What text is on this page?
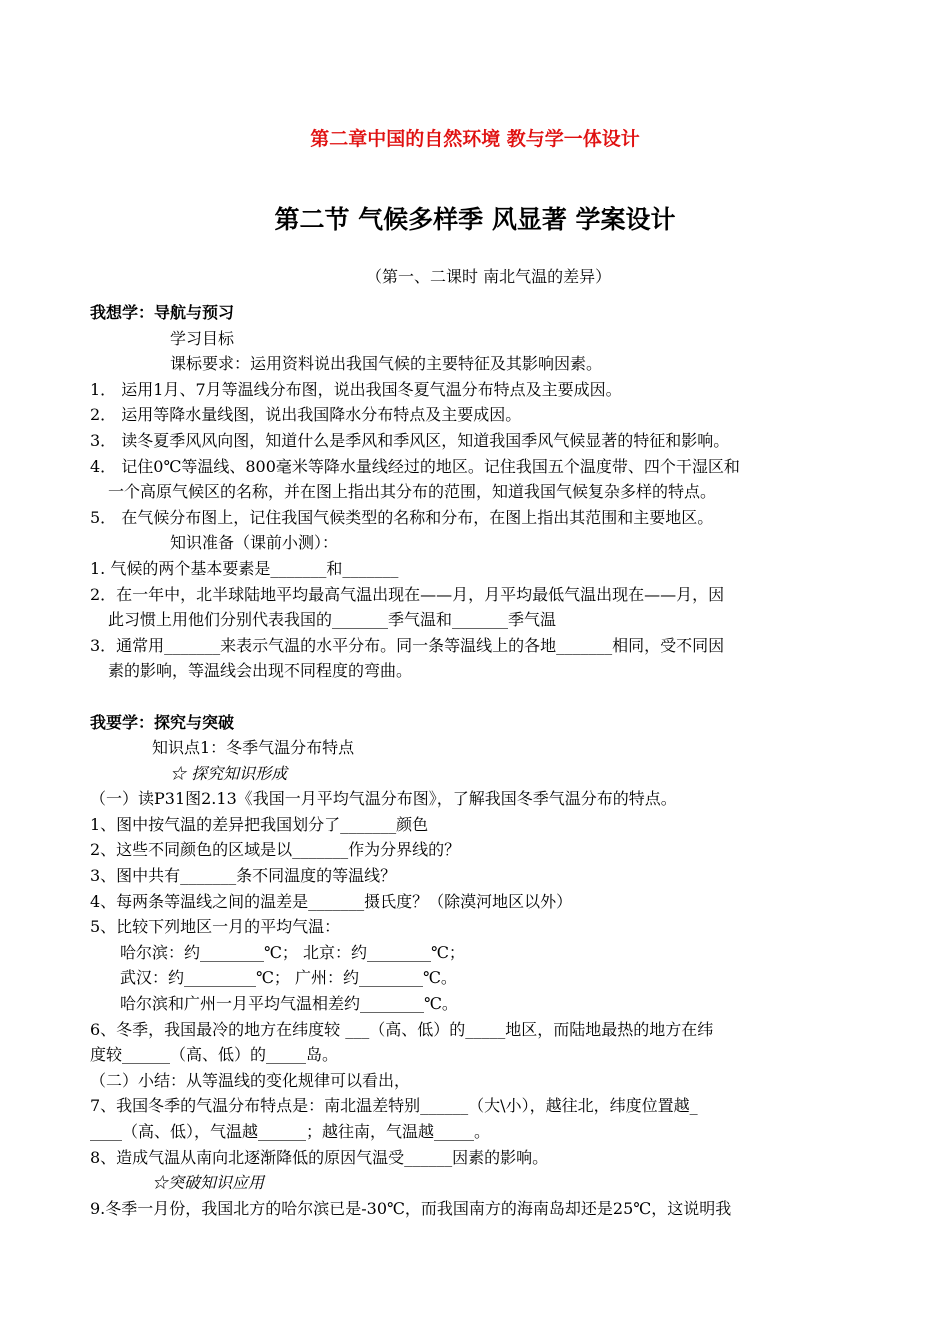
第二章中国的自然环境 教与学一体设计
第二节 气候多样季 风显著 学案设计
（第一、二课时 南北气温的差异）
我想学：导航与预习
学习目标
课标要求：运用资料说出我国气候的主要特征及其影响因素。
1． 运用1月、7月等温线分布图，说出我国冬夏气温分布特点及主要成因。
2． 运用等降水量线图，说出我国降水分布特点及主要成因。
3． 读冬夏季风风向图，知道什么是季风和季风区，知道我国季风气候显著的特征和影响。
4． 记住0℃等温线、800毫米等降水量线经过的地区。记住我国五个温度带、四个干湿区和
一个高原气候区的名称，并在图上指出其分布的范围，知道我国气候复杂多样的特点。
5． 在气候分布图上，记住我国气候类型的名称和分布，在图上指出其范围和主要地区。
知识准备（课前小测）：
1. 气候的两个基本要素是_______和_______
2．在一年中，北半球陆地平均最高气温出现在——月，月平均最低气温出现在——月，因
此习惯上用他们分别代表我国的_______季气温和_______季气温
3．通常用_______来表示气温的水平分布。同一条等温线上的各地_______相同，受不同因
素的影响，等温线会出现不同程度的弯曲。
我要学：探究与突破
知识点1：冬季气温分布特点
☆ 探究知识形成
（一）读P31图2.13《我国一月平均气温分布图》，了解我国冬季气温分布的特点。
1、图中按气温的差异把我国划分了_______颜色
2、这些不同颜色的区域是以_______作为分界线的？
3、图中共有_______条不同温度的等温线？
4、每两条等温线之间的温差是_______摄氏度？（除漠河地区以外）
5、比较下列地区一月的平均气温：
哈尔滨：约________℃； 北京：约________℃；
武汉：约_________℃； 广州：约________℃。
哈尔滨和广州一月平均气温相差约________℃。
6、冬季，我国最冷的地方在纬度较 ___（高、低）的_____地区，而陆地最热的地方在纬
度较______（高、低）的_____岛。
（二）小结：从等温线的变化规律可以看出，
7、我国冬季的气温分布特点是：南北温差特别______（大\小），越往北，纬度位置越_
____（高、低），气温越______；越往南，气温越_____。
8、造成气温从南向北逐渐降低的原因气温受______因素的影响。
☆突破知识应用
9.冬季一月份，我国北方的哈尔滨已是-30℃，而我国南方的海南岛却还是25℃，这说明我
